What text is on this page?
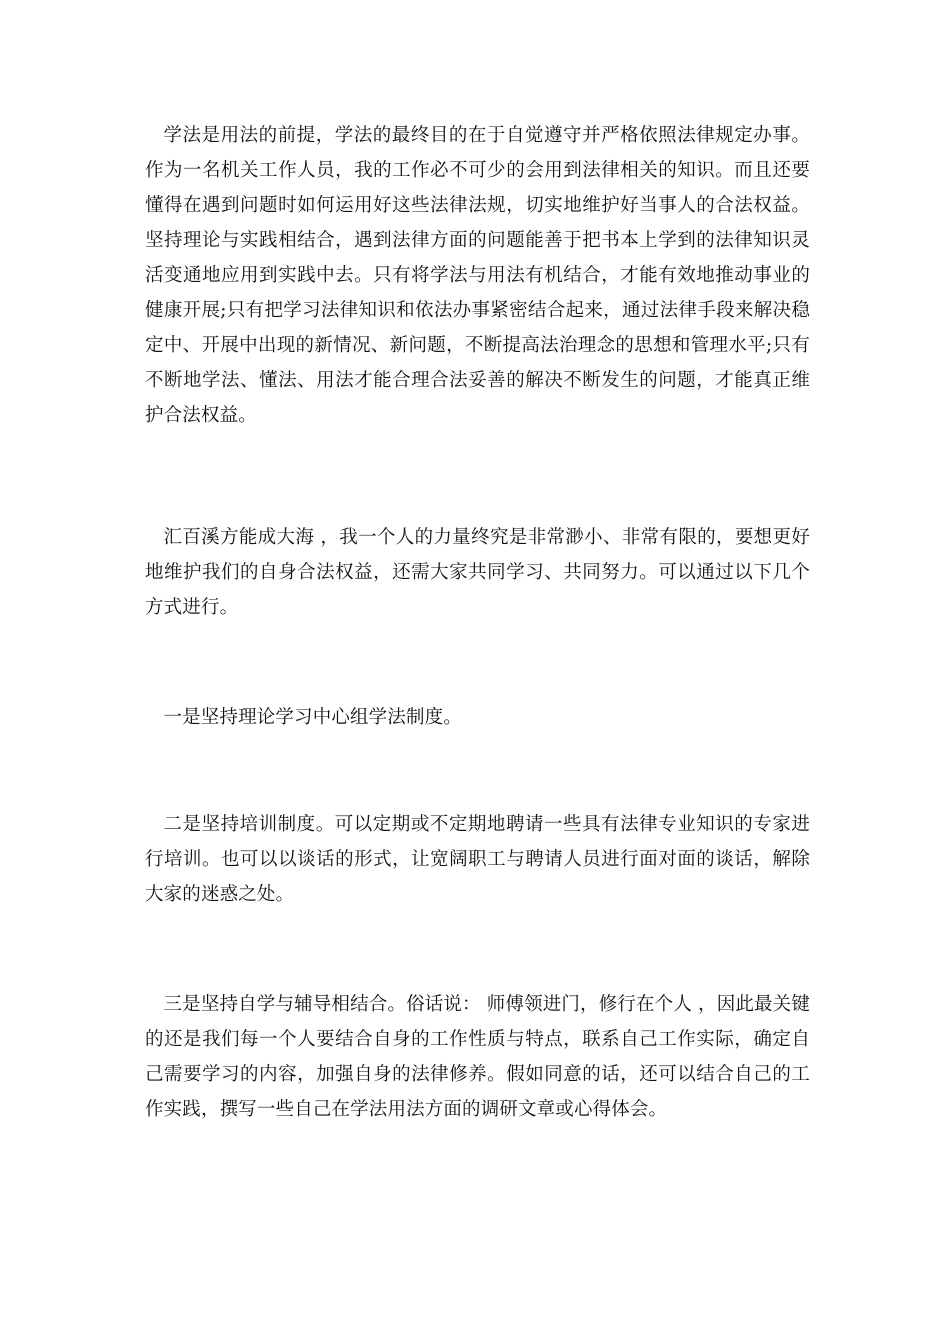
学法是用法的前提，学法的最终目的在于自觉遵守并严格依照法律规定办事。作为一名机关工作人员，我的工作必不可少的会用到法律相关的知识。而且还要懂得在遇到问题时如何运用好这些法律法规，切实地维护好当事人的合法权益。坚持理论与实践相结合，遇到法律方面的问题能善于把书本上学到的法律知识灵活变通地应用到实践中去。只有将学法与用法有机结合，才能有效地推动事业的健康开展;只有把学习法律知识和依法办事紧密结合起来，通过法律手段来解决稳定中、开展中出现的新情况、新问题，不断提高法治理念的思想和管理水平;只有不断地学法、懂法、用法才能合理合法妥善的解决不断发生的问题，才能真正维护合法权益。

汇百溪方能成大海 ，我一个人的力量终究是非常渺小、非常有限的，要想更好地维护我们的自身合法权益，还需大家共同学习、共同努力。可以通过以下几个方式进行。

一是坚持理论学习中心组学法制度。

二是坚持培训制度。可以定期或不定期地聘请一些具有法律专业知识的专家进行培训。也可以以谈话的形式，让宽阔职工与聘请人员进行面对面的谈话，解除大家的迷惑之处。

三是坚持自学与辅导相结合。俗话说： 师傅领进门，修行在个人 ，因此最关键的还是我们每一个人要结合自身的工作性质与特点，联系自己工作实际，确定自己需要学习的内容，加强自身的法律修养。假如同意的话，还可以结合自己的工作实践，撰写一些自己在学法用法方面的调研文章或心得体会。
